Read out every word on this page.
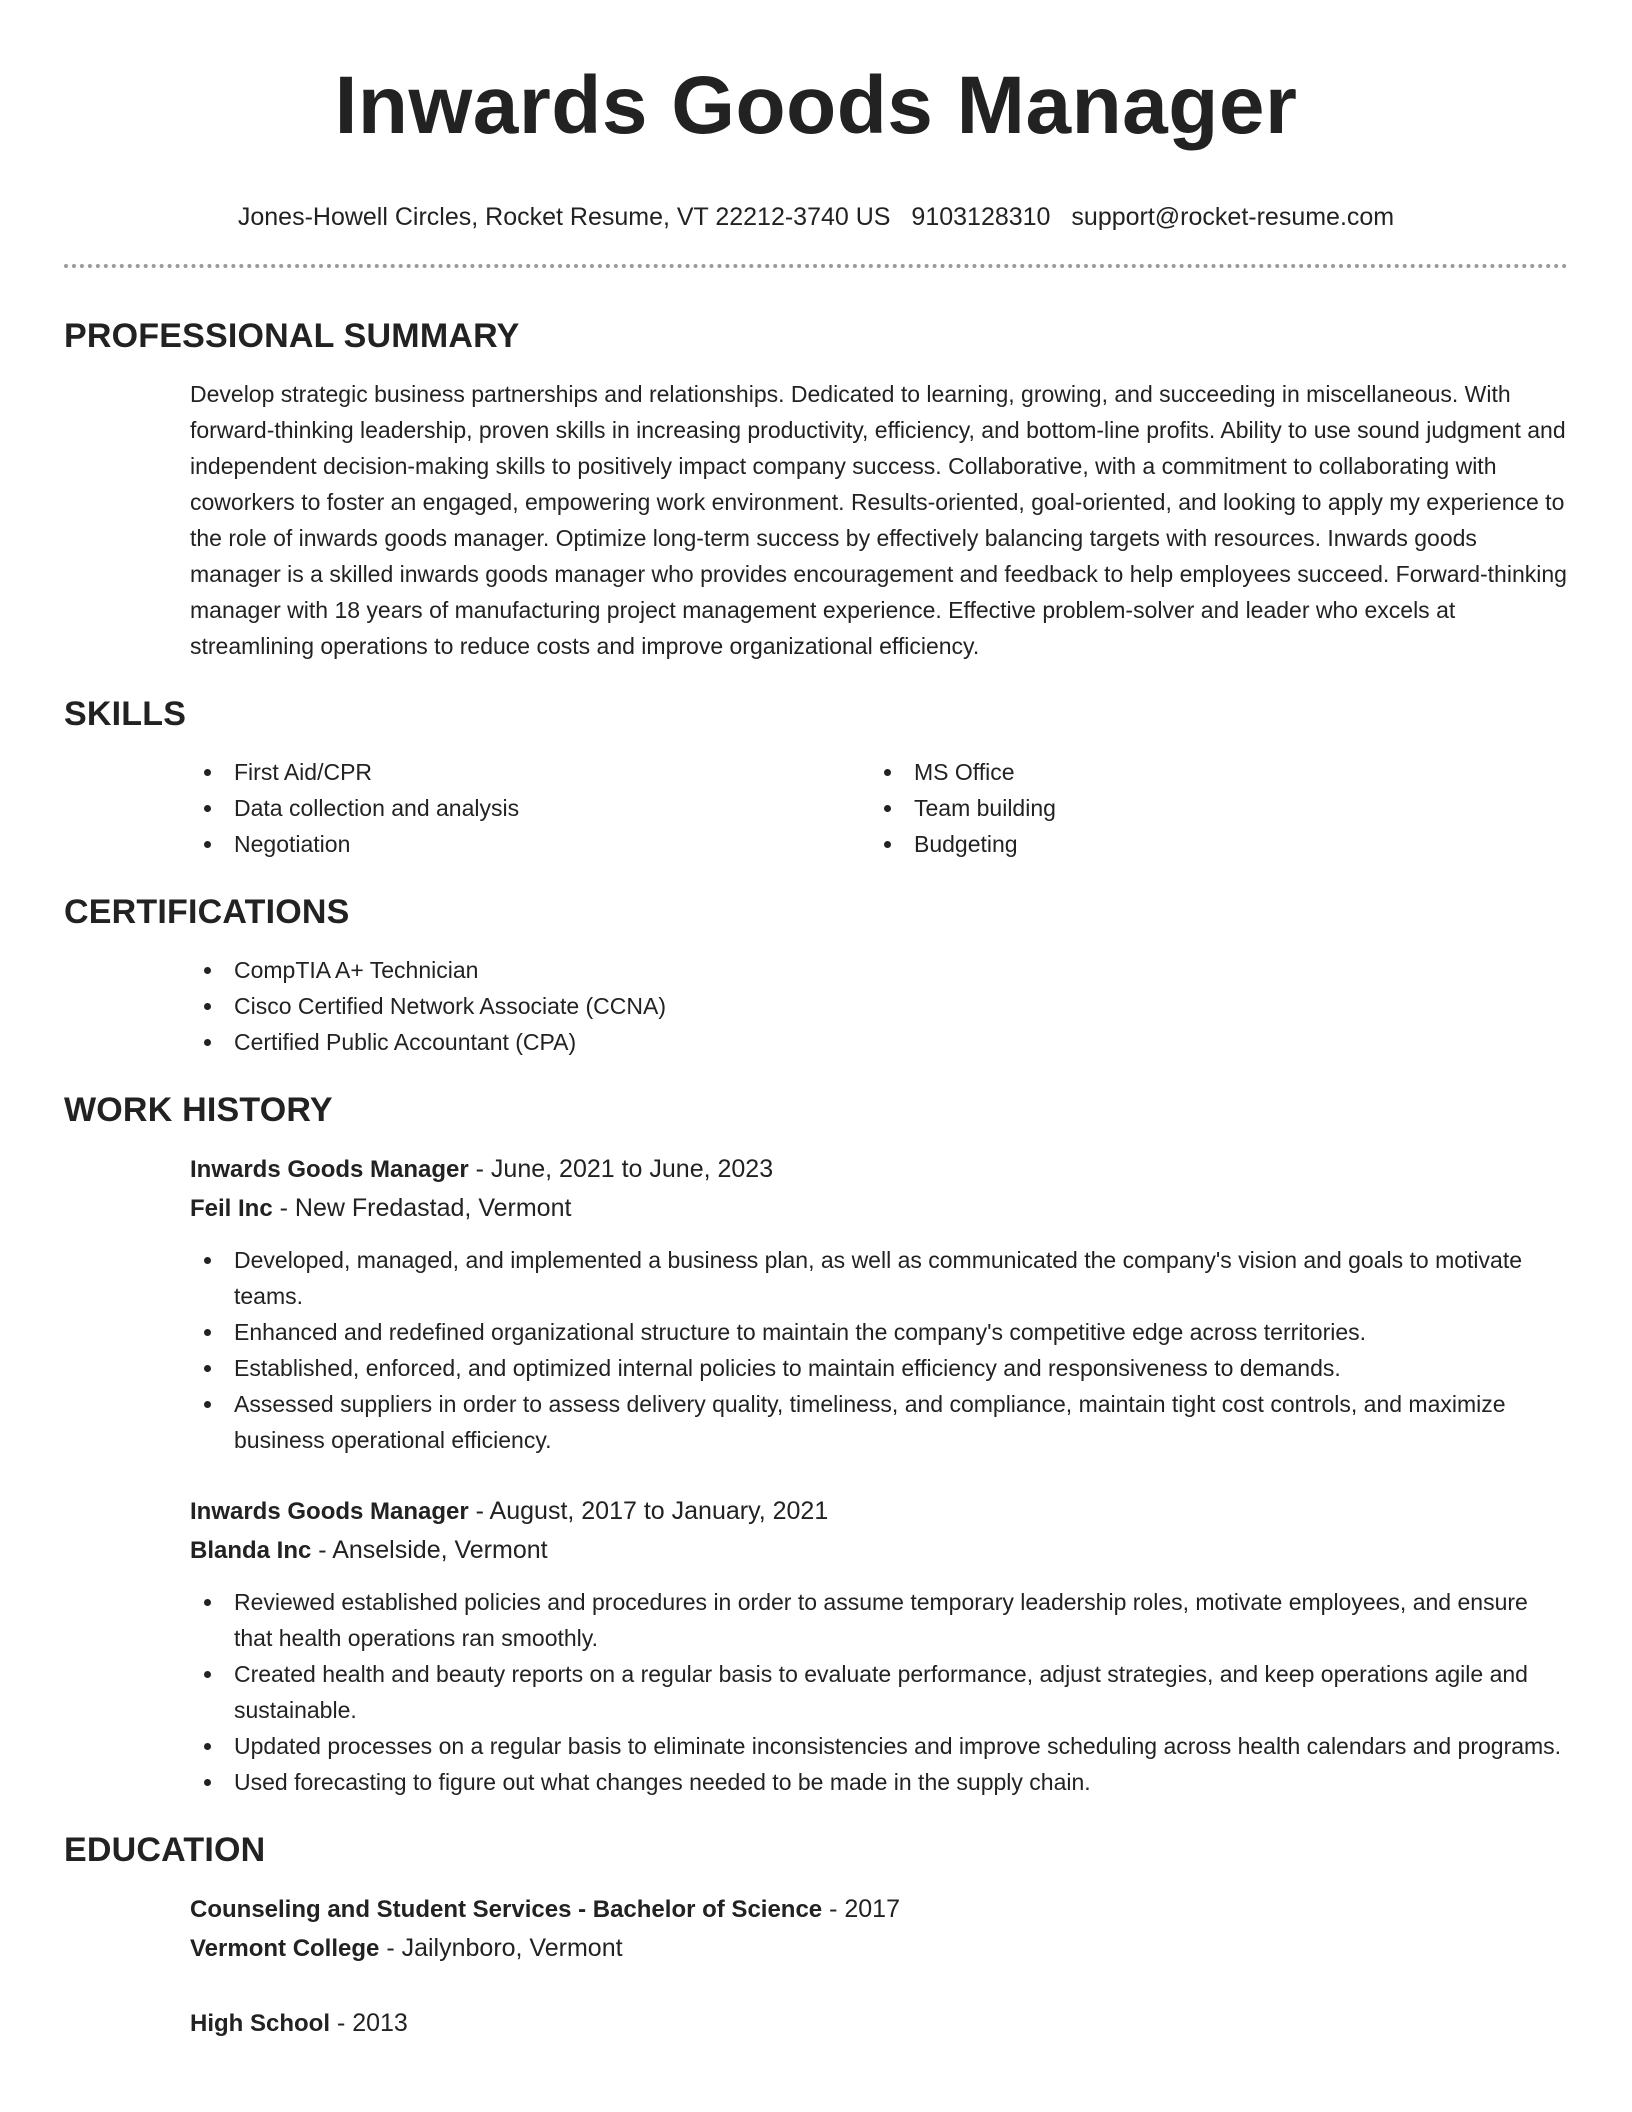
Inwards Goods Manager
Jones-Howell Circles, Rocket Resume, VT 22212-3740 US 9103128310 support@rocket-resume.com
PROFESSIONAL SUMMARY

Develop strategic business partnerships and relationships. Dedicated to learning, growing, and succeeding in miscellaneous. With forward-thinking leadership, proven skills in increasing productivity, efficiency, and bottom-line profits. Ability to use sound judgment and independent decision-making skills to positively impact company success. Collaborative, with a commitment to collaborating with coworkers to foster an engaged, empowering work environment. Results-oriented, goal-oriented, and looking to apply my experience to the role of inwards goods manager. Optimize long-term success by effectively balancing targets with resources. Inwards goods manager is a skilled inwards goods manager who provides encouragement and feedback to help employees succeed. Forward-thinking manager with 18 years of manufacturing project management experience. Effective problem-solver and leader who excels at streamlining operations to reduce costs and improve organizational efficiency.

SKILLS
First Aid/CPR
Data collection and analysis
Negotiation
MS Office
Team building
Budgeting
CERTIFICATIONS
CompTIA A+ Technician
Cisco Certified Network Associate (CCNA)
Certified Public Accountant (CPA)
WORK HISTORY
Inwards Goods Manager - June, 2021 to June, 2023
Feil Inc - New Fredastad, Vermont
Developed, managed, and implemented a business plan, as well as communicated the company's vision and goals to motivate teams.
Enhanced and redefined organizational structure to maintain the company's competitive edge across territories.
Established, enforced, and optimized internal policies to maintain efficiency and responsiveness to demands.
Assessed suppliers in order to assess delivery quality, timeliness, and compliance, maintain tight cost controls, and maximize business operational efficiency.
Inwards Goods Manager - August, 2017 to January, 2021
Blanda Inc - Anselside, Vermont
Reviewed established policies and procedures in order to assume temporary leadership roles, motivate employees, and ensure that health operations ran smoothly.
Created health and beauty reports on a regular basis to evaluate performance, adjust strategies, and keep operations agile and sustainable.
Updated processes on a regular basis to eliminate inconsistencies and improve scheduling across health calendars and programs.
Used forecasting to figure out what changes needed to be made in the supply chain.
EDUCATION
Counseling and Student Services - Bachelor of Science - 2017
Vermont College - Jailynboro, Vermont
High School - 2013
